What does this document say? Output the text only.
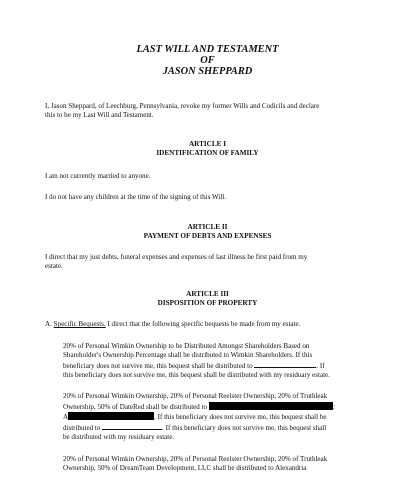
LAST WILL AND TESTAMENT
OF
JASON SHEPPARD

I, Jason Sheppard, of Leechburg, Pennsylvania, revoke my former Wills and Codicils and declare
this to be my Last Will and Testament.

ARTICLE I
IDENTIFICATION OF FAMILY

I am not currently married to anyone.

I do not have any children at the time of the signing of this Will.

ARTICLE II
PAYMENT OF DEBTS AND EXPENSES

I direct that my just debts, funeral expenses and expenses of last illness be first paid from my
estate.

ARTICLE III
DISPOSITION OF PROPERTY

A. Specific Bequests. I direct that the following specific bequests be made from my estate.

20% of Personal Wimkin Ownership to be Distributed Amongst Shareholders Based on
Shareholder's Ownership Percentage shall be distributed to Wimkin Shareholders. If this
beneficiary does not survive me, this bequest shall be distributed to	. If
this beneficiary does not survive me, this bequest shall be distributed with my residuary estate.

20% of Personal Wimkin Ownership, 20% of Personal Reelster Ownership, 20% of Truthleak
Ownership, 50% of DateRed shall be distributed to	:
A	. If this beneficiary does not survive me, this bequest shall be
distributed to	. If this beneficiary does not survive me, this bequest shall
be distributed with my residuary estate.

20% of Personal Wimkin Ownership, 20% of Personal Reelster Ownership, 20% of Truthleak
Ownership, 50% of DreamTeam Development, LLC shall be distributed to Alexandria
